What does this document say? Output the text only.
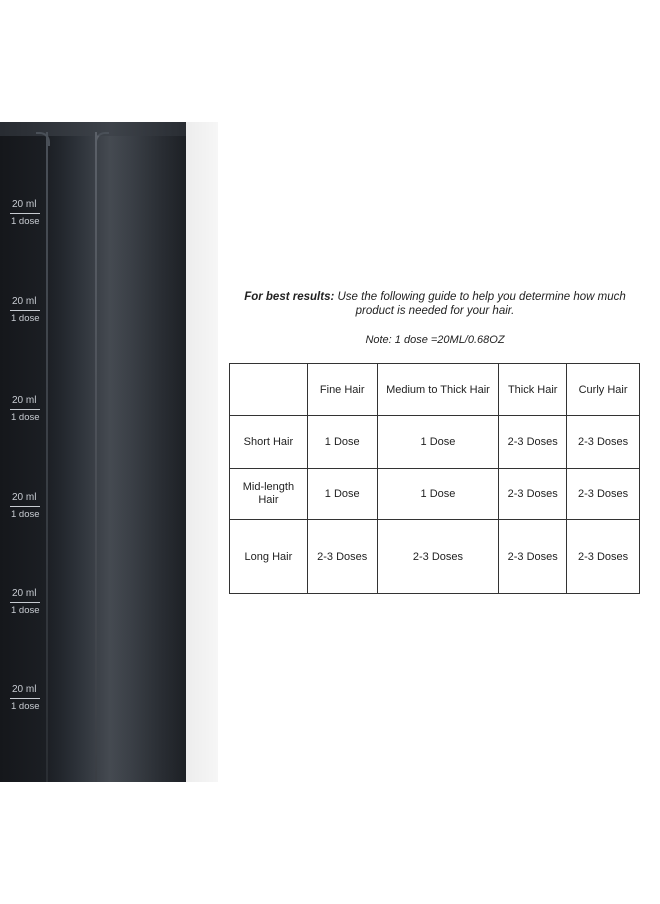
20 ml
1 dose
20 ml
1 dose
20 ml
1 dose
20 ml
1 dose
20 ml
1 dose
20 ml
1 dose
For best results: Use the following guide to help you determine how much product is needed for your hair.
Note: 1 dose =20ML/0.68OZ
	Fine Hair	Medium to Thick Hair	Thick Hair	Curly Hair
Short Hair	1 Dose	1 Dose	2-3 Doses	2-3 Doses
Mid-length Hair	1 Dose	1 Dose	2-3 Doses	2-3 Doses
Long Hair	2-3 Doses	2-3 Doses	2-3 Doses	2-3 Doses
